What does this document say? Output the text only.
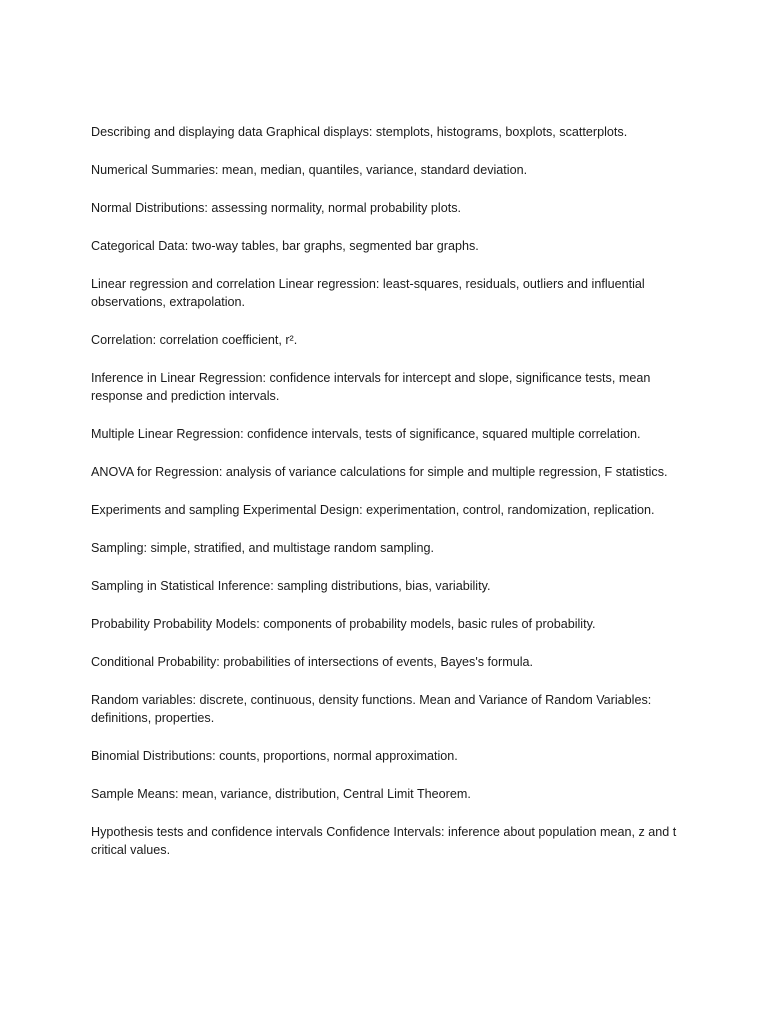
Describing and displaying data Graphical displays: stemplots, histograms, boxplots, scatterplots.

Numerical Summaries: mean, median, quantiles, variance, standard deviation.

Normal Distributions: assessing normality, normal probability plots.

Categorical Data: two-way tables, bar graphs, segmented bar graphs.

Linear regression and correlation Linear regression: least-squares, residuals, outliers and influential observations, extrapolation.

Correlation: correlation coefficient, r².

Inference in Linear Regression: confidence intervals for intercept and slope, significance tests, mean response and prediction intervals.

Multiple Linear Regression: confidence intervals, tests of significance, squared multiple correlation.

ANOVA for Regression: analysis of variance calculations for simple and multiple regression, F statistics.

Experiments and sampling Experimental Design: experimentation, control, randomization, replication.

Sampling: simple, stratified, and multistage random sampling.

Sampling in Statistical Inference: sampling distributions, bias, variability.

Probability Probability Models: components of probability models, basic rules of probability.

Conditional Probability: probabilities of intersections of events, Bayes's formula.

Random variables: discrete, continuous, density functions. Mean and Variance of Random Variables: definitions, properties.

Binomial Distributions: counts, proportions, normal approximation.

Sample Means: mean, variance, distribution, Central Limit Theorem.

Hypothesis tests and confidence intervals Confidence Intervals: inference about population mean, z and t critical values.
